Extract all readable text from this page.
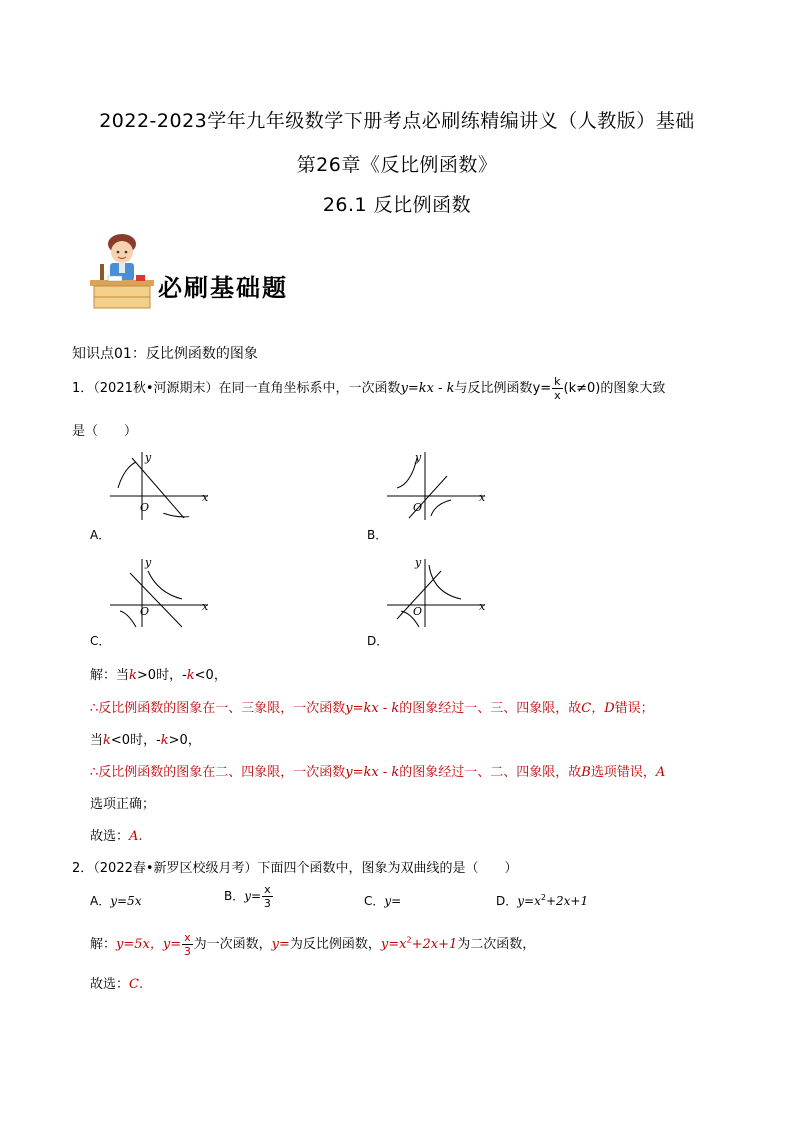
2022-2023学年九年级数学下册考点必刷练精编讲义（人教版）基础
第26章《反比例函数》
26.1 反比例函数
必刷基础题
知识点01：反比例函数的图象
1．（2021秋•河源期末）在同一直角坐标系中，一次函数y=kx - k与反比例函数$y= \frac{k}{x} (k\ne 0)$的图象大致
是（　　）
x
y
O
A．
x
y
O
B．
x
y
O
C．
x
y
O
D．
解：当k>0时，-k<0，
∴反比例函数的图象在一、三象限，一次函数y=kx - k的图象经过一、三、四象限，故C，D错误；
当k<0时，-k>0，
∴反比例函数的图象在二、四象限，一次函数y=kx - k的图象经过一、二、四象限，故B选项错误，A
选项正确；
故选：A.
2．（2022春•新罗区校级月考）下面四个函数中，图象为双曲线的是（　　）
A．y=5x	B．$y= \frac{x}{3}$	C．y=	D．$y=x^2+2x+1$
解：y=5x，$y= \frac{x}{3}$ 为一次函数，y=为反比例函数，$y=x^2+2x+1$为二次函数，
故选：C.
